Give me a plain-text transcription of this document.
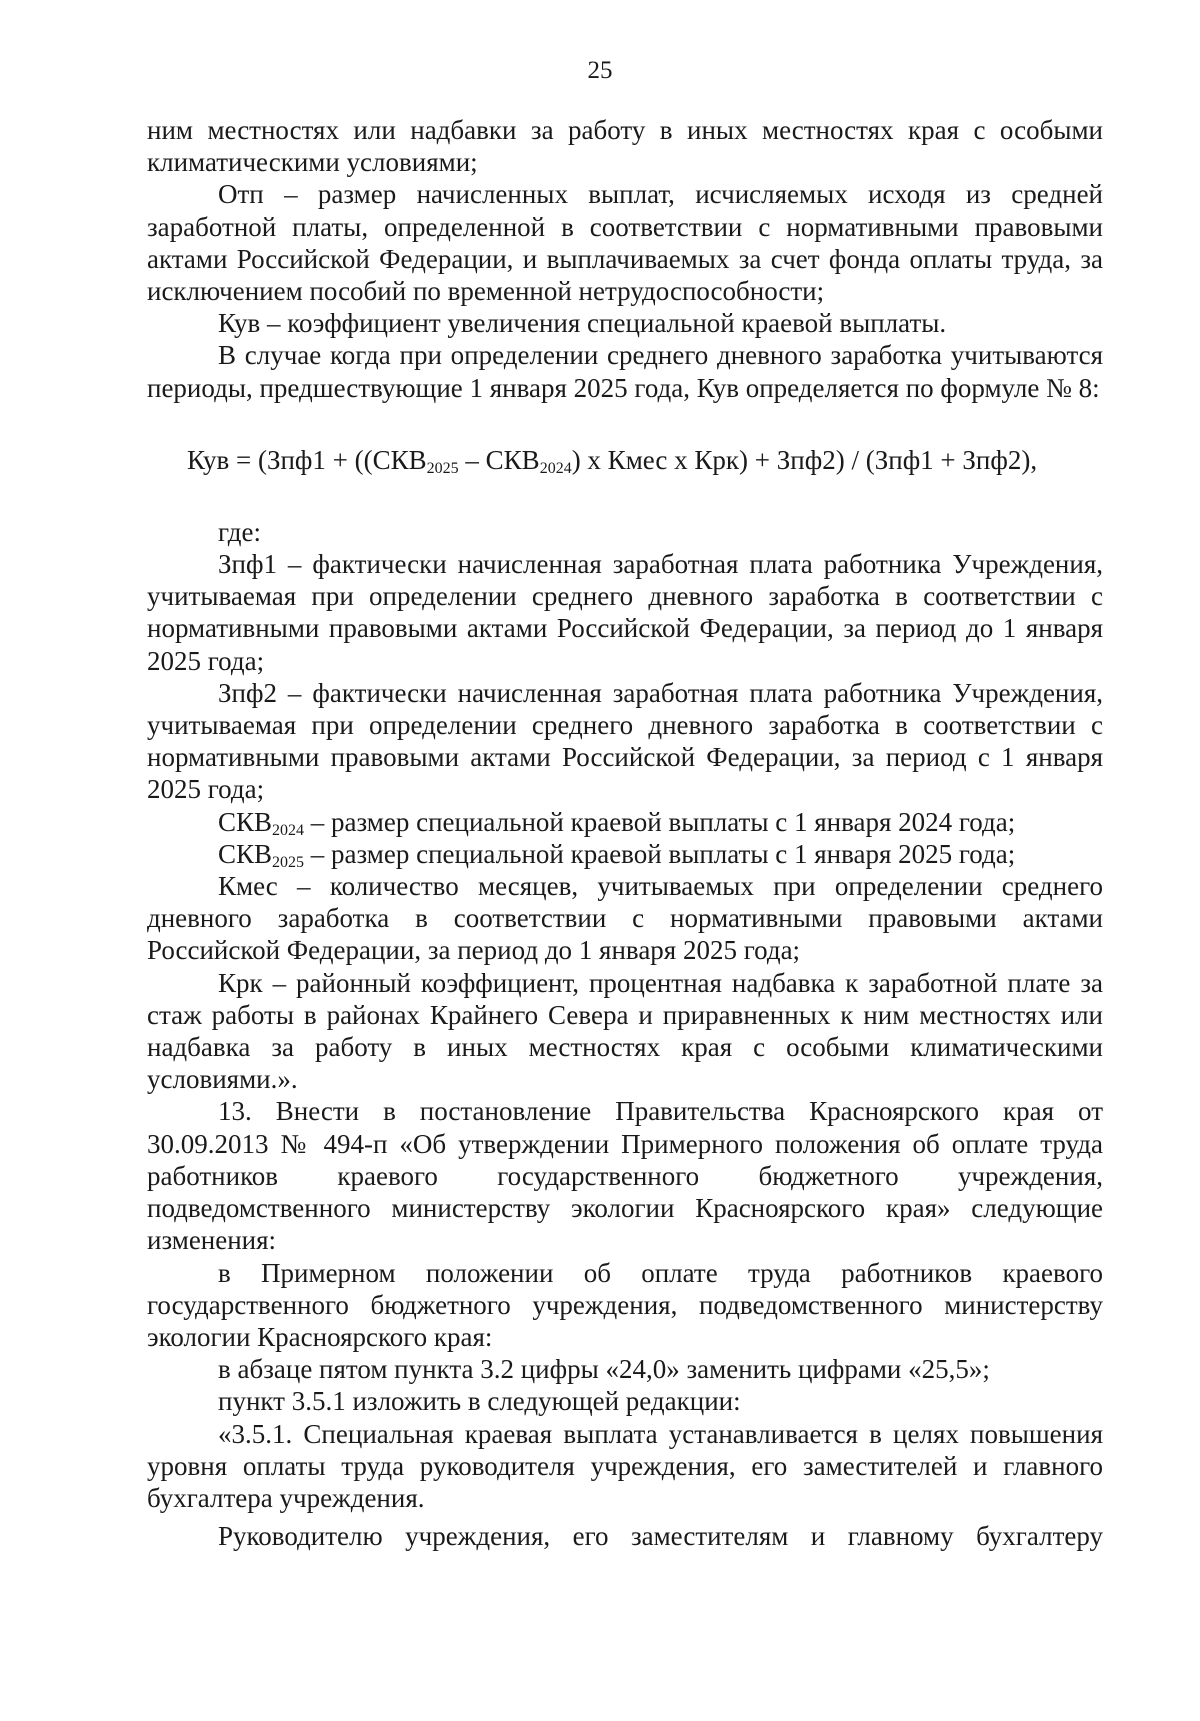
25

ним местностях или надбавки за работу в иных местностях края с особыми климатическими условиями;

Отп – размер начисленных выплат, исчисляемых исходя из средней заработной платы, определенной в соответствии с нормативными правовыми актами Российской Федерации, и выплачиваемых за счет фонда оплаты труда, за исключением пособий по временной нетрудоспособности;

Кув – коэффициент увеличения специальной краевой выплаты.

В случае когда при определении среднего дневного заработка учитываются периоды, предшествующие 1 января 2025 года, Кув определяется по формуле № 8:

Кув = ($Зпф1 + ((СКВ_{2025} - СКВ_{2024})$ х Кмес х Крк) + Зпф2) / (Зпф1 + Зпф2),

где:

Зпф1 – фактически начисленная заработная плата работника Учреждения, учитываемая при определении среднего дневного заработка в соответствии с нормативными правовыми актами Российской Федерации, за период до 1 января 2025 года;

Зпф2 – фактически начисленная заработная плата работника Учреждения, учитываемая при определении среднего дневного заработка в соответствии с нормативными правовыми актами Российской Федерации, за период с 1 января 2025 года;

$СКВ_{2024}$ – размер специальной краевой выплаты с 1 января 2024 года;

$СКВ_{2025}$ – размер специальной краевой выплаты с 1 января 2025 года;

Кмес – количество месяцев, учитываемых при определении среднего дневного заработка в соответствии с нормативными правовыми актами Российской Федерации, за период до 1 января 2025 года;

Крк – районный коэффициент, процентная надбавка к заработной плате за стаж работы в районах Крайнего Севера и приравненных к ним местностях или надбавка за работу в иных местностях края с особыми климатическими условиями.».

13. Внести в постановление Правительства Красноярского края от 30.09.2013 № 494-п «Об утверждении Примерного положения об оплате труда работников краевого государственного бюджетного учреждения, подведомственного министерству экологии Красноярского края» следующие изменения:

в Примерном положении об оплате труда работников краевого государственного бюджетного учреждения, подведомственного министерству экологии Красноярского края:

в абзаце пятом пункта 3.2 цифры «24,0» заменить цифрами «25,5»;

пункт 3.5.1 изложить в следующей редакции:

«3.5.1. Специальная краевая выплата устанавливается в целях повышения уровня оплаты труда руководителя учреждения, его заместителей и главного бухгалтера учреждения.

Руководителю учреждения, его заместителям и главному бухгалтеру
